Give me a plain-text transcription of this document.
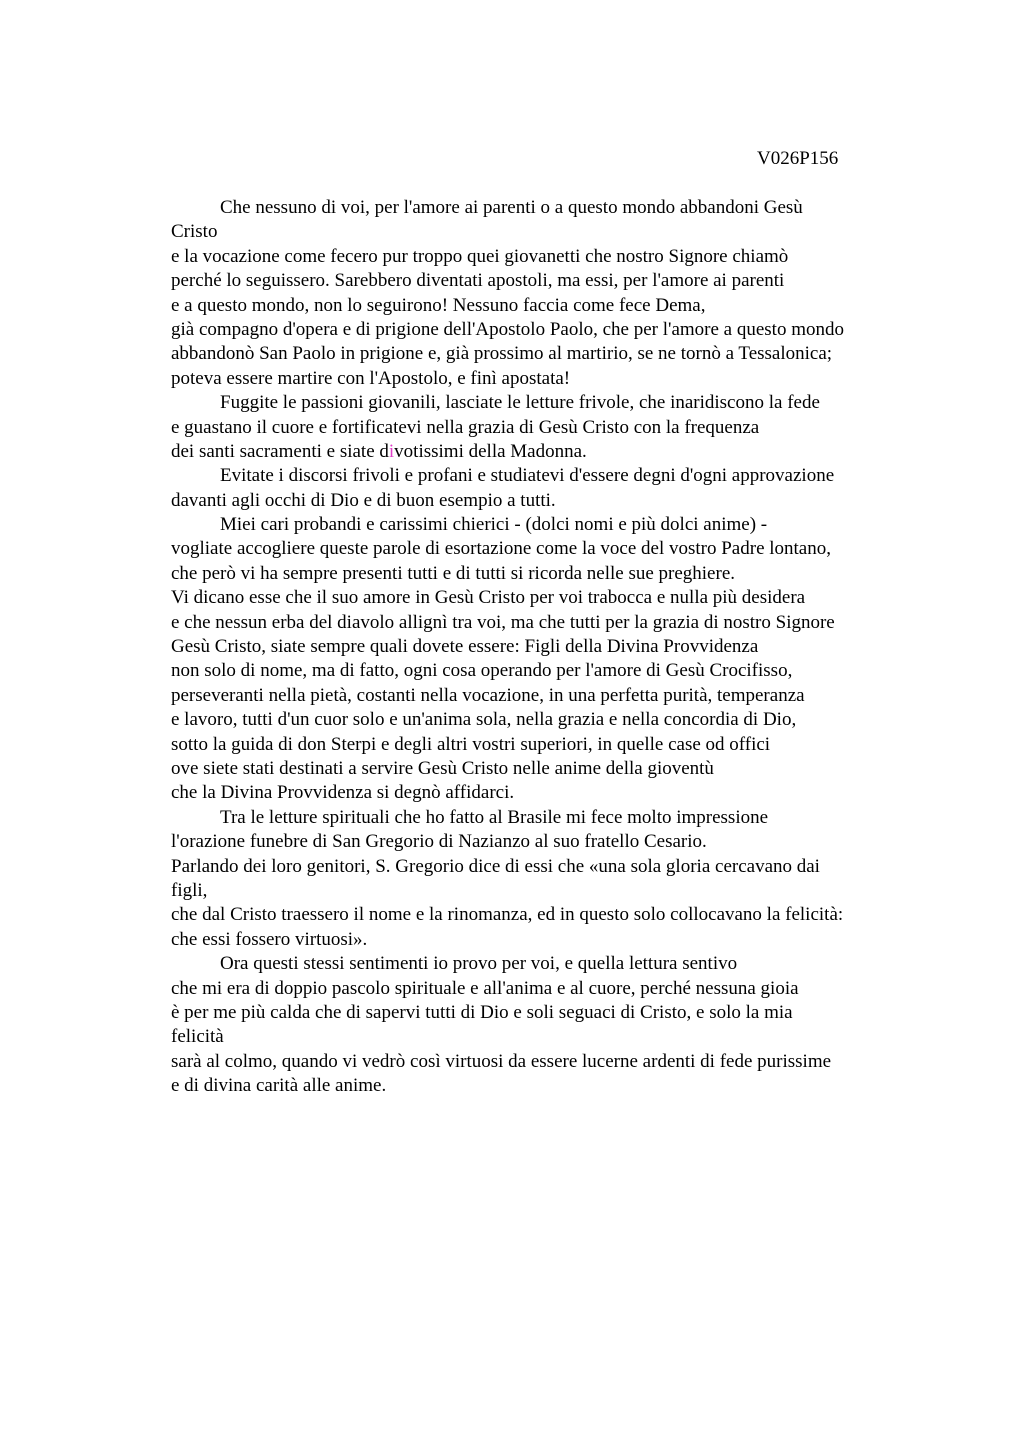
V026P156
Che nessuno di voi, per l'amore ai parenti o a questo mondo abbandoni Gesù
Cristo
e la vocazione come fecero pur troppo quei giovanetti che nostro Signore chiamò
perché lo seguissero. Sarebbero diventati apostoli, ma essi, per l'amore ai parenti
e a questo mondo, non lo seguirono! Nessuno faccia come fece Dema,
già compagno d'opera e di prigione dell'Apostolo Paolo, che per l'amore a questo mondo
abbandonò San Paolo in prigione e, già prossimo al martirio, se ne tornò a Tessalonica;
poteva essere martire con l'Apostolo, e finì apostata!
Fuggite le passioni giovanili, lasciate le letture frivole, che inaridiscono la fede
e guastano il cuore e fortificatevi nella grazia di Gesù Cristo con la frequenza
dei santi sacramenti e siate divotissimi della Madonna.
Evitate i discorsi frivoli e profani e studiatevi d'essere degni d'ogni approvazione
davanti agli occhi di Dio e di buon esempio a tutti.
Miei cari probandi e carissimi chierici - (dolci nomi e più dolci anime) -
vogliate accogliere queste parole di esortazione come la voce del vostro Padre lontano,
che però vi ha sempre presenti tutti e di tutti si ricorda nelle sue preghiere.
Vi dicano esse che il suo amore in Gesù Cristo per voi trabocca e nulla più desidera
e che nessun erba del diavolo allignì tra voi, ma che tutti per la grazia di nostro Signore
Gesù Cristo, siate sempre quali dovete essere: Figli della Divina Provvidenza
non solo di nome, ma di fatto, ogni cosa operando per l'amore di Gesù Crocifisso,
perseveranti nella pietà, costanti nella vocazione, in una perfetta purità, temperanza
e lavoro, tutti d'un cuor solo e un'anima sola, nella grazia e nella concordia di Dio,
sotto la guida di don Sterpi e degli altri vostri superiori, in quelle case od offici
ove siete stati destinati a servire Gesù Cristo nelle anime della gioventù
che la Divina Provvidenza si degnò affidarci.
Tra le letture spirituali che ho fatto al Brasile mi fece molto impressione
l'orazione funebre di San Gregorio di Nazianzo al suo fratello Cesario.
Parlando dei loro genitori, S. Gregorio dice di essi che «una sola gloria cercavano dai
figli,
che dal Cristo traessero il nome e la rinomanza, ed in questo solo collocavano la felicità:
che essi fossero virtuosi».
Ora questi stessi sentimenti io provo per voi, e quella lettura sentivo
che mi era di doppio pascolo spirituale e all'anima e al cuore, perché nessuna gioia
è per me più calda che di sapervi tutti di Dio e soli seguaci di Cristo, e solo la mia
felicità
sarà al colmo, quando vi vedrò così virtuosi da essere lucerne ardenti di fede purissime
e di divina carità alle anime.
